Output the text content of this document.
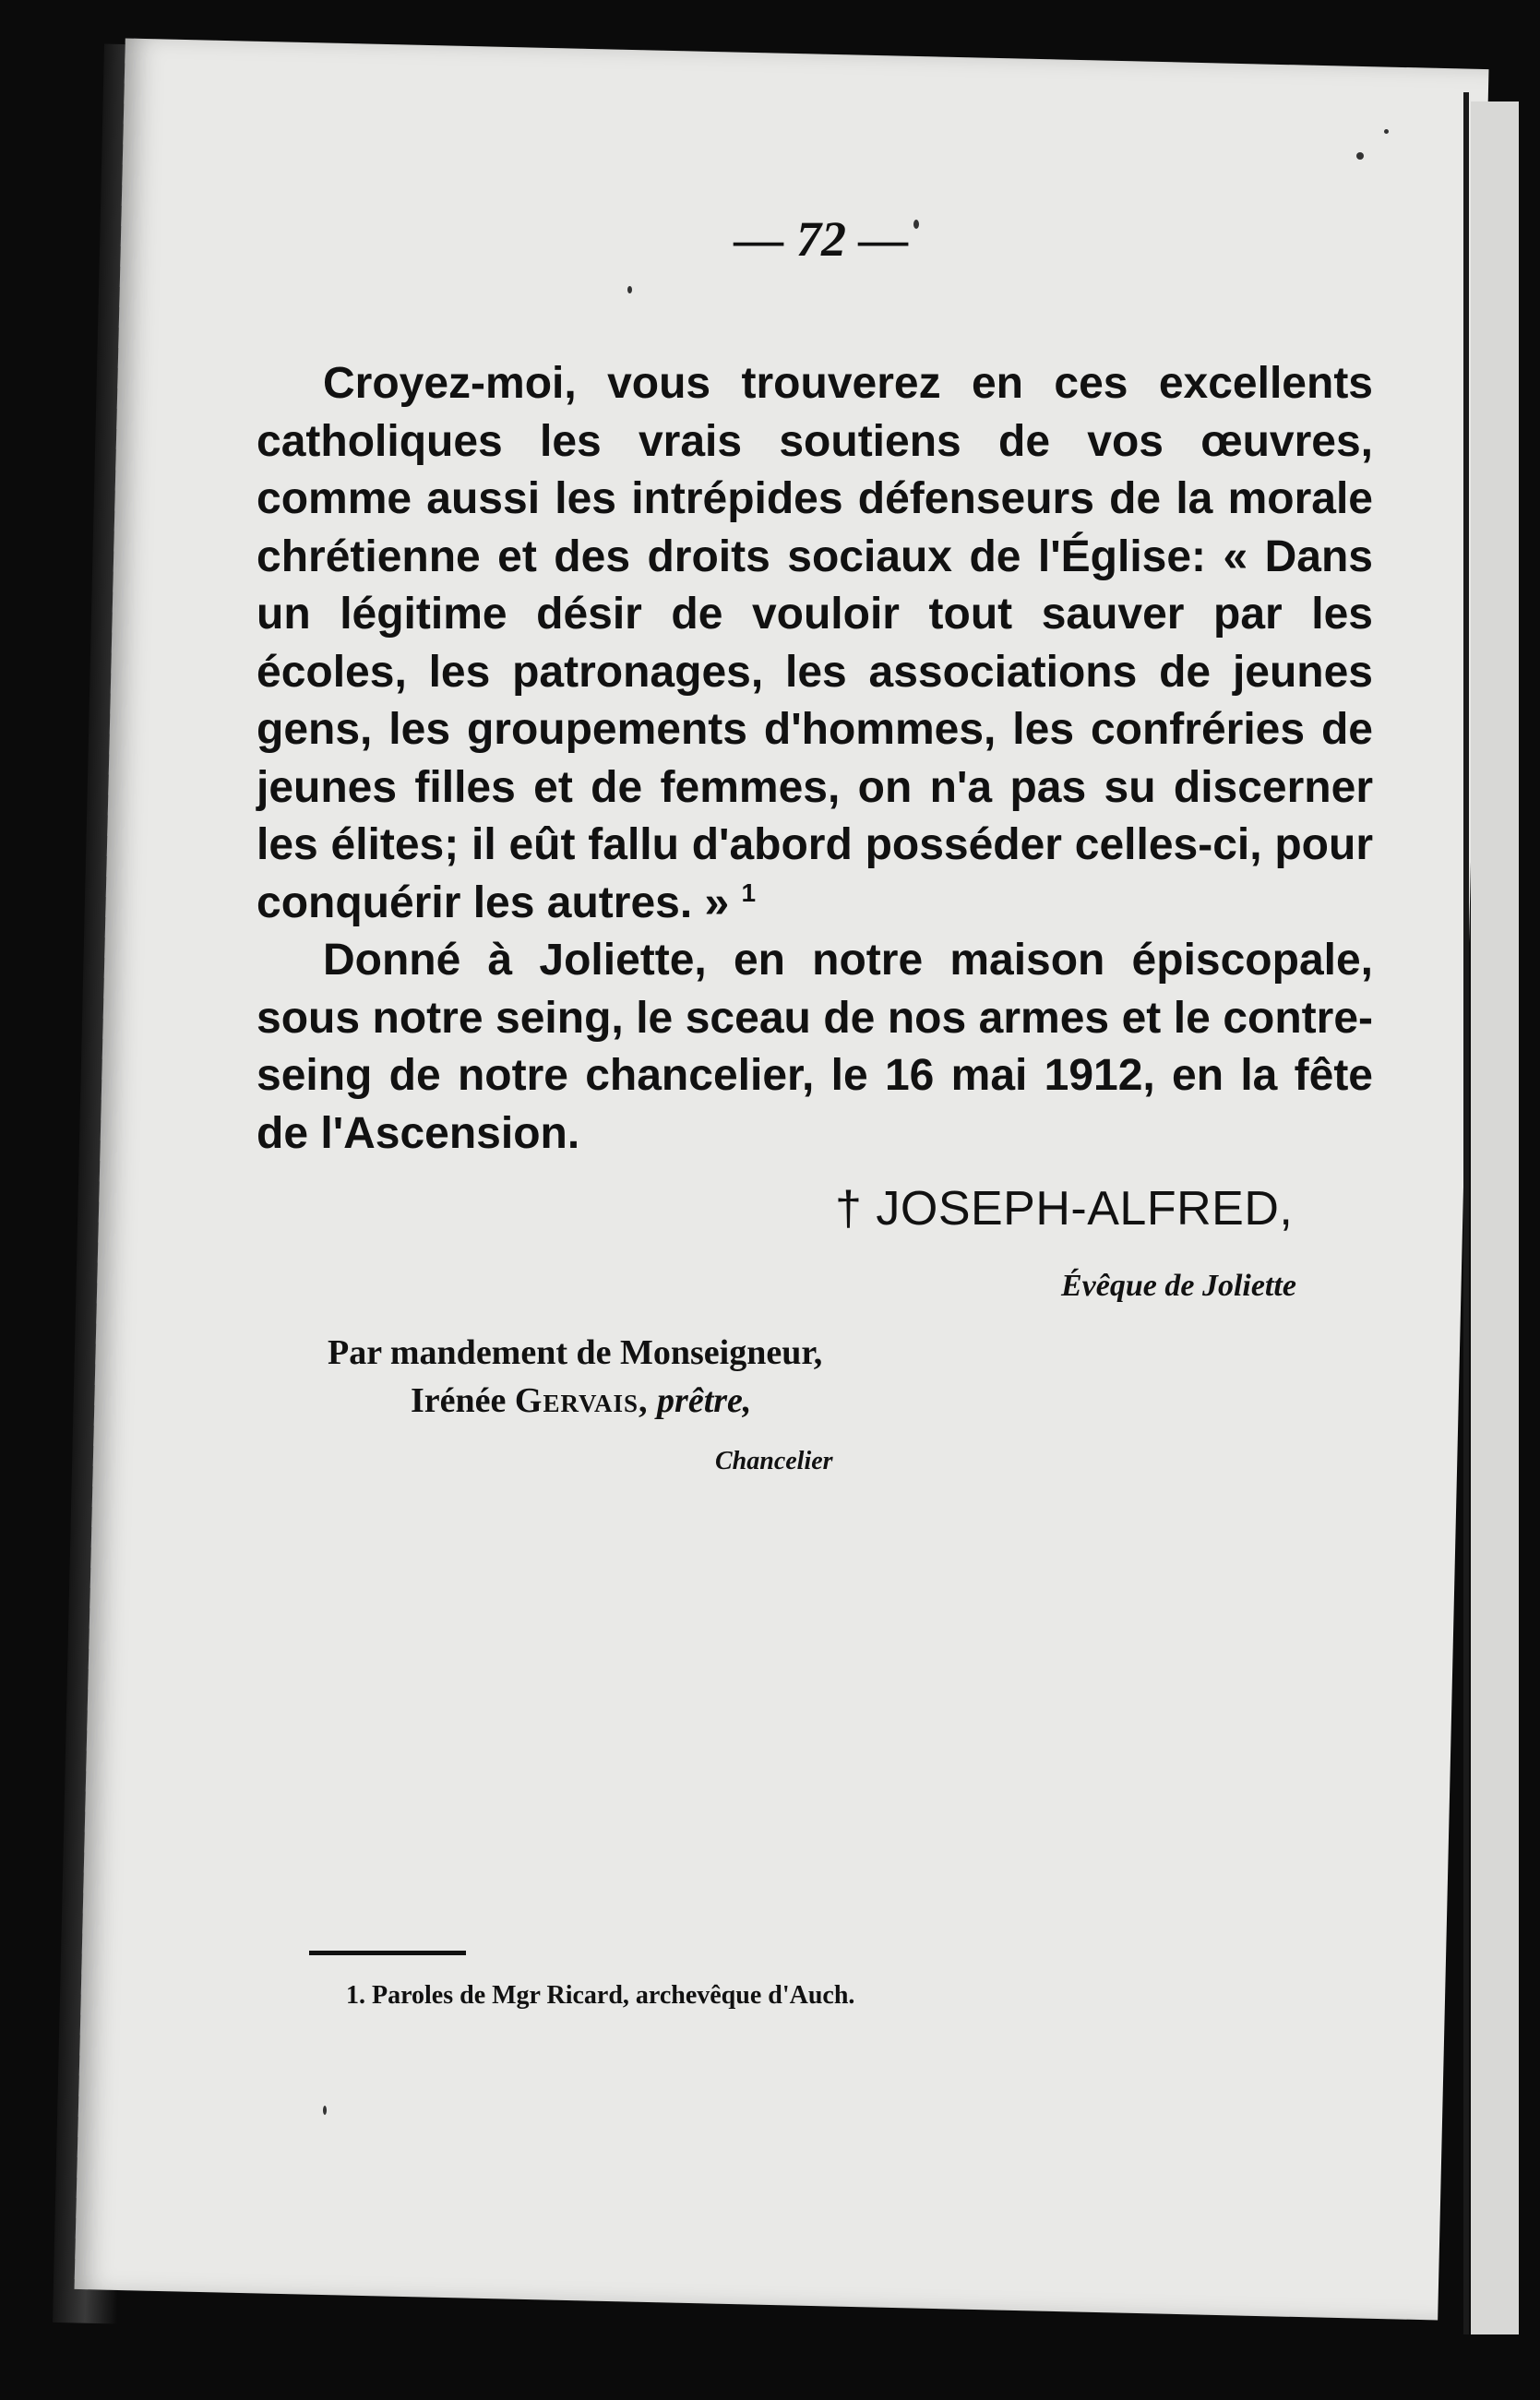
— 72 —

Croyez-moi, vous trouverez en ces excellents catholiques les vrais soutiens de vos œuvres, comme aussi les intrépides défenseurs de la morale chrétienne et des droits sociaux de l'Église: « Dans un légitime désir de vouloir tout sauver par les écoles, les patronages, les associations de jeunes gens, les groupements d'hommes, les confréries de jeunes filles et de femmes, on n'a pas su discerner les élites; il eût fallu d'abord posséder celles-ci, pour conquérir les autres. » $^1$

Donné à Joliette, en notre maison épiscopale, sous notre seing, le sceau de nos armes et le contre-seing de notre chancelier, le 16 mai 1912, en la fête de l'Ascension.

† JOSEPH-ALFRED,
Évêque de Joliette
Par mandement de Monseigneur,
Irénée Gervais, prêtre,
Chancelier
1. Paroles de Mgr Ricard, archevêque d'Auch.
